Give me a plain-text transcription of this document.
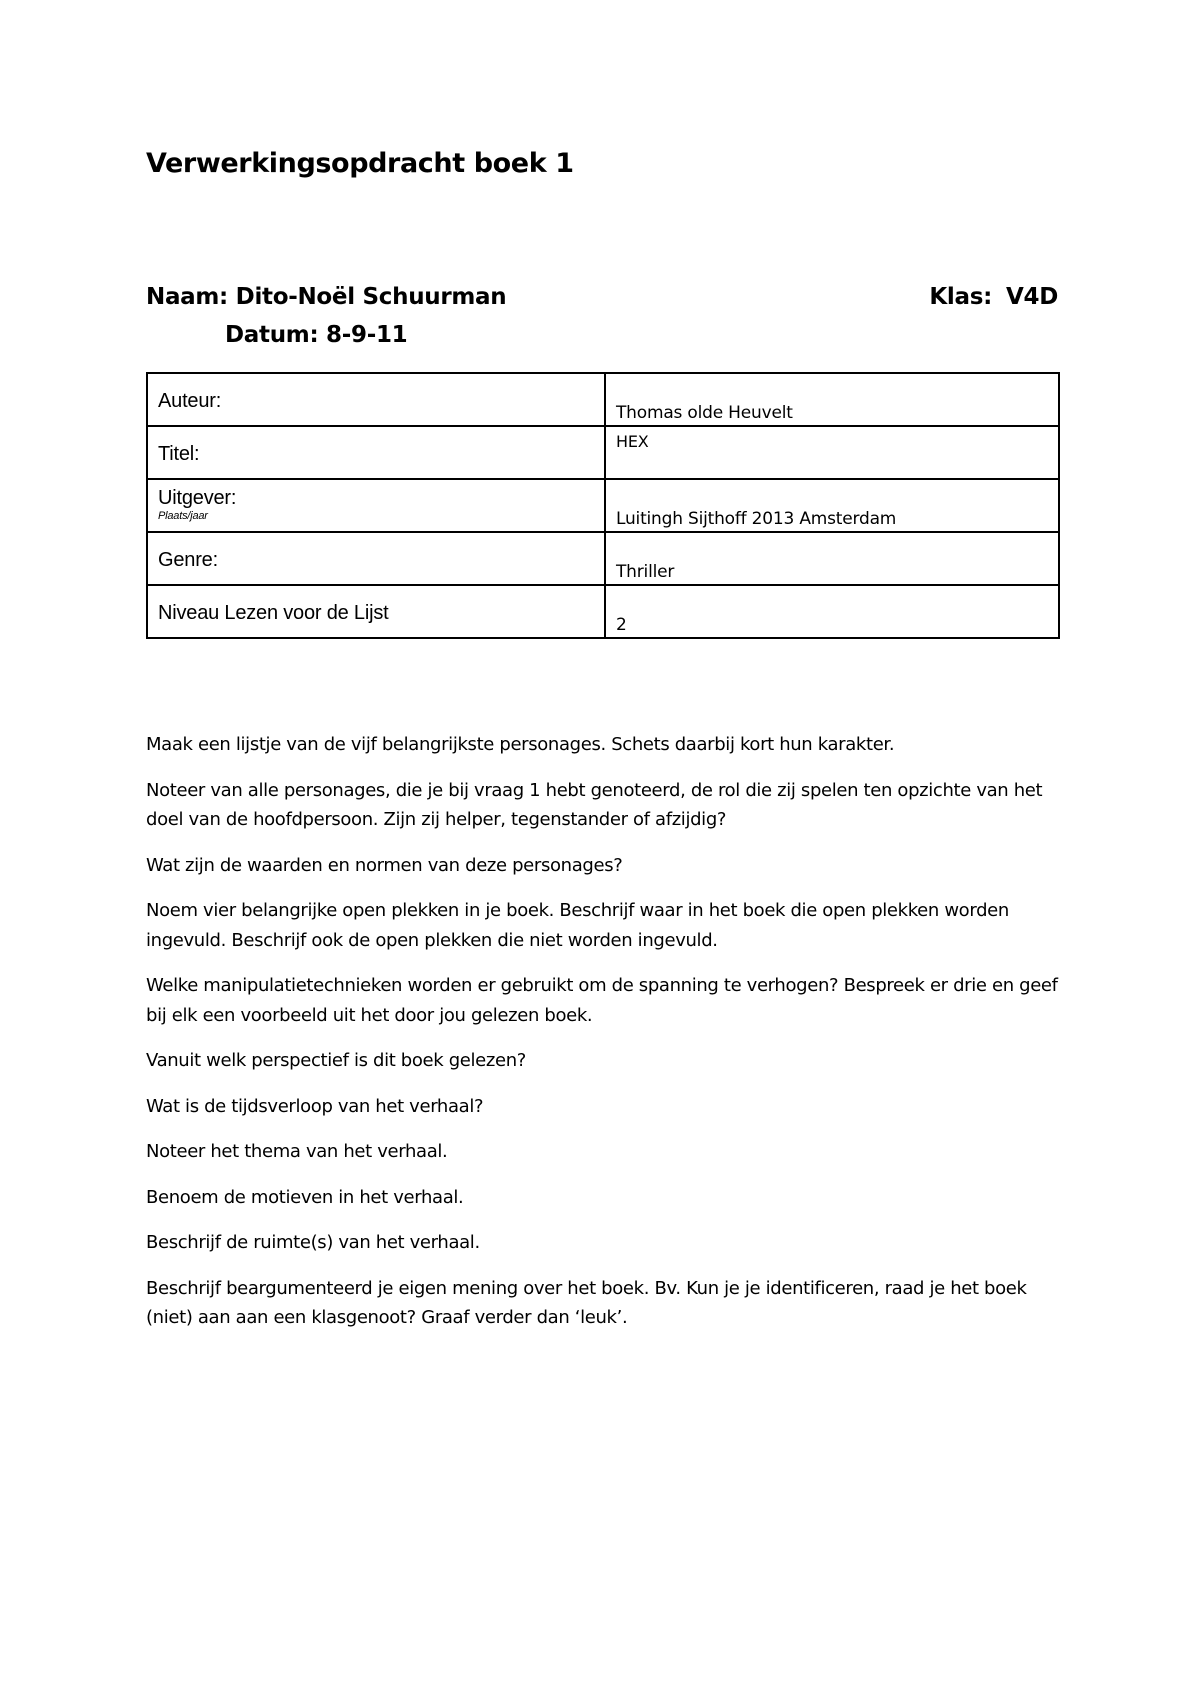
Verwerkingsopdracht boek 1
Naam: Dito-Noël Schuurman	Klas: V4D
Datum: 8-9-11
Auteur:	Thomas olde Heuvelt
Titel:	HEX
Uitgever:
Plaats/jaar	Luitingh Sijthoff 2013 Amsterdam
Genre:	Thriller
Niveau Lezen voor de Lijst	2
Maak een lijstje van de vijf belangrijkste personages. Schets daarbij kort hun karakter.
Noteer van alle personages, die je bij vraag 1 hebt genoteerd, de rol die zij spelen ten opzichte van het doel van de hoofdpersoon. Zijn zij helper, tegenstander of afzijdig?
Wat zijn de waarden en normen van deze personages?
Noem vier belangrijke open plekken in je boek. Beschrijf waar in het boek die open plekken worden ingevuld. Beschrijf ook de open plekken die niet worden ingevuld.
Welke manipulatietechnieken worden er gebruikt om de spanning te verhogen? Bespreek er drie en geef bij elk een voorbeeld uit het door jou gelezen boek.
Vanuit welk perspectief is dit boek gelezen?
Wat is de tijdsverloop van het verhaal?
Noteer het thema van het verhaal.
Benoem de motieven in het verhaal.
Beschrijf de ruimte(s) van het verhaal.
Beschrijf beargumenteerd je eigen mening over het boek. Bv. Kun je je identificeren, raad je het boek (niet) aan aan een klasgenoot? Graaf verder dan ‘leuk’.
